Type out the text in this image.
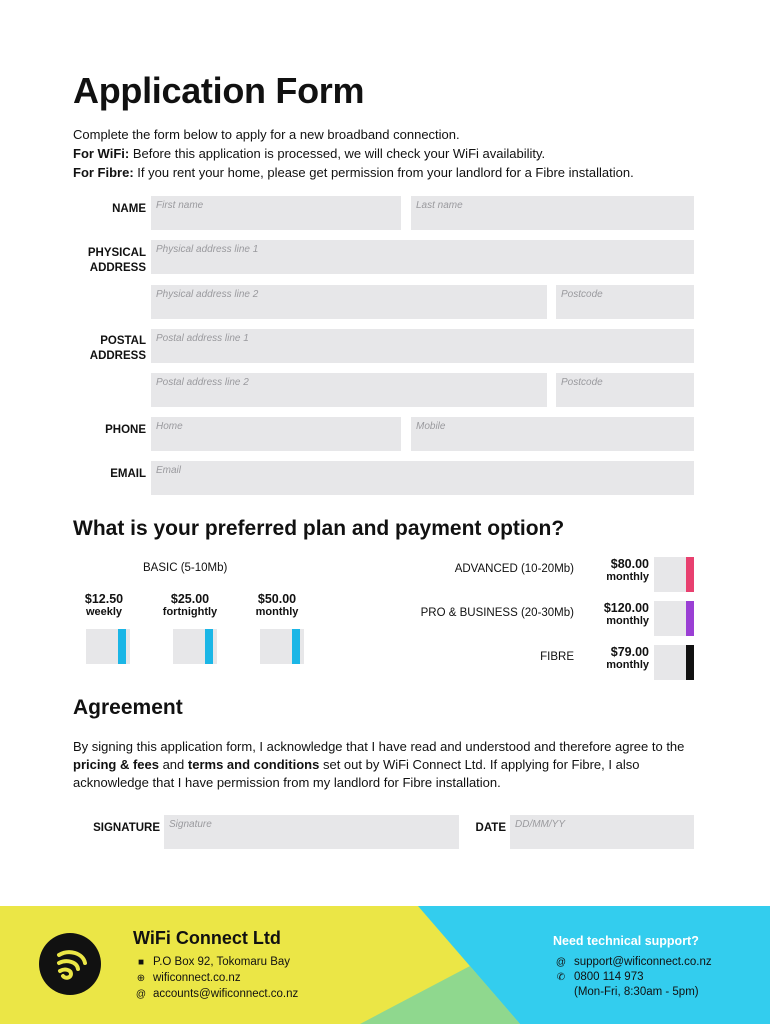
Application Form
Complete the form below to apply for a new broadband connection.
For WiFi: Before this application is processed, we will check your WiFi availability.
For Fibre: If you rent your home, please get permission from your landlord for a Fibre installation.
NAME First name	Last name
PHYSICAL
ADDRESS
Physical address line 1
Physical address line 2	Postcode
POSTAL
ADDRESS
Postal address line 1
Postal address line 2	Postcode
PHONE Home	Mobile
EMAIL Email
What is your preferred plan and payment option?
BASIC (5-10Mb)
$12.50
weekly
$25.00
fortnightly
$50.00
monthly
ADVANCED (10-20Mb)	$80.00
monthly
PRO & BUSINESS (20-30Mb) $120.00
monthly
FIBRE	$79.00
monthly
Agreement
By signing this application form, I acknowledge that I have read and understood and therefore agree to the pricing & fees and terms and conditions set out by WiFi Connect Ltd. If applying for Fibre, I also acknowledge that I have permission from my landlord for Fibre installation.
SIGNATURE Signature	DATE DD/MM/YY
WiFi Connect Ltd
■ P.O Box 92, Tokomaru Bay
⊕ wificonnect.co.nz
@ accounts@wificonnect.co.nz
Need technical support?
@ support@wificonnect.co.nz
✆ 0800 114 973
(Mon-Fri, 8:30am - 5pm)
